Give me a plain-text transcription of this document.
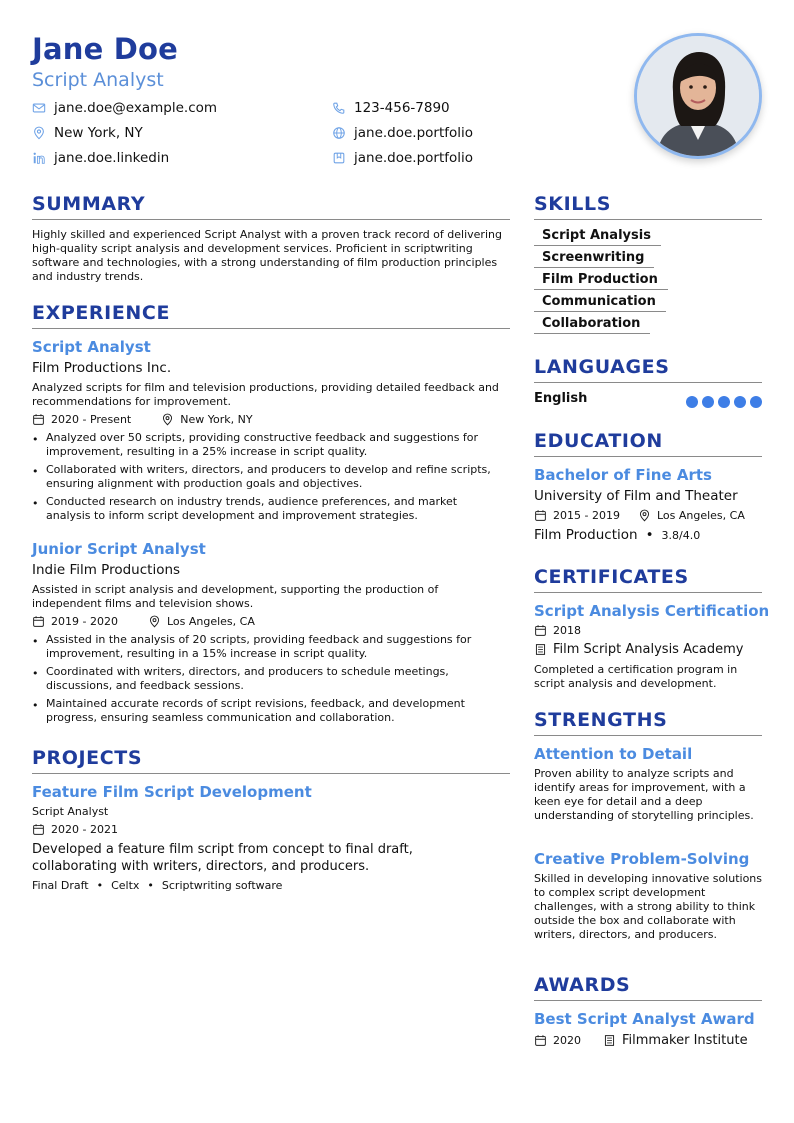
Jane Doe
Script Analyst
jane.doe@example.com	123-456-7890
New York, NY	jane.doe.portfolio
jane.doe.linkedin	jane.doe.portfolio
SUMMARY
Highly skilled and experienced Script Analyst with a proven track record of delivering high-quality script analysis and development services. Proficient in scriptwriting software and technologies, with a strong understanding of film production principles and industry trends.
EXPERIENCE
Script Analyst
Film Productions Inc.
Analyzed scripts for film and television productions, providing detailed feedback and recommendations for improvement.
2020 - Present	New York, NY
• Analyzed over 50 scripts, providing constructive feedback and suggestions for improvement, resulting in a 25% increase in script quality.
• Collaborated with writers, directors, and producers to develop and refine scripts, ensuring alignment with production goals and objectives.
• Conducted research on industry trends, audience preferences, and market analysis to inform script development and improvement strategies.
Junior Script Analyst
Indie Film Productions
Assisted in script analysis and development, supporting the production of independent films and television shows.
2019 - 2020	Los Angeles, CA
• Assisted in the analysis of 20 scripts, providing feedback and suggestions for improvement, resulting in a 15% increase in script quality.
• Coordinated with writers, directors, and producers to schedule meetings, discussions, and feedback sessions.
• Maintained accurate records of script revisions, feedback, and development progress, ensuring seamless communication and collaboration.
PROJECTS
Feature Film Script Development
Script Analyst
2020 - 2021
Developed a feature film script from concept to final draft, collaborating with writers, directors, and producers.
Final Draft • Celtx • Scriptwriting software
SKILLS
Script Analysis
Screenwriting
Film Production
Communication
Collaboration
LANGUAGES
English
EDUCATION
Bachelor of Fine Arts
University of Film and Theater
2015 - 2019	Los Angeles, CA
Film Production • 3.8/4.0
CERTIFICATES
Script Analysis Certification
2018
Film Script Analysis Academy
Completed a certification program in script analysis and development.
STRENGTHS
Attention to Detail
Proven ability to analyze scripts and identify areas for improvement, with a keen eye for detail and a deep understanding of storytelling principles.
Creative Problem-Solving
Skilled in developing innovative solutions to complex script development challenges, with a strong ability to think outside the box and collaborate with writers, directors, and producers.
AWARDS
Best Script Analyst Award
2020	Filmmaker Institute
